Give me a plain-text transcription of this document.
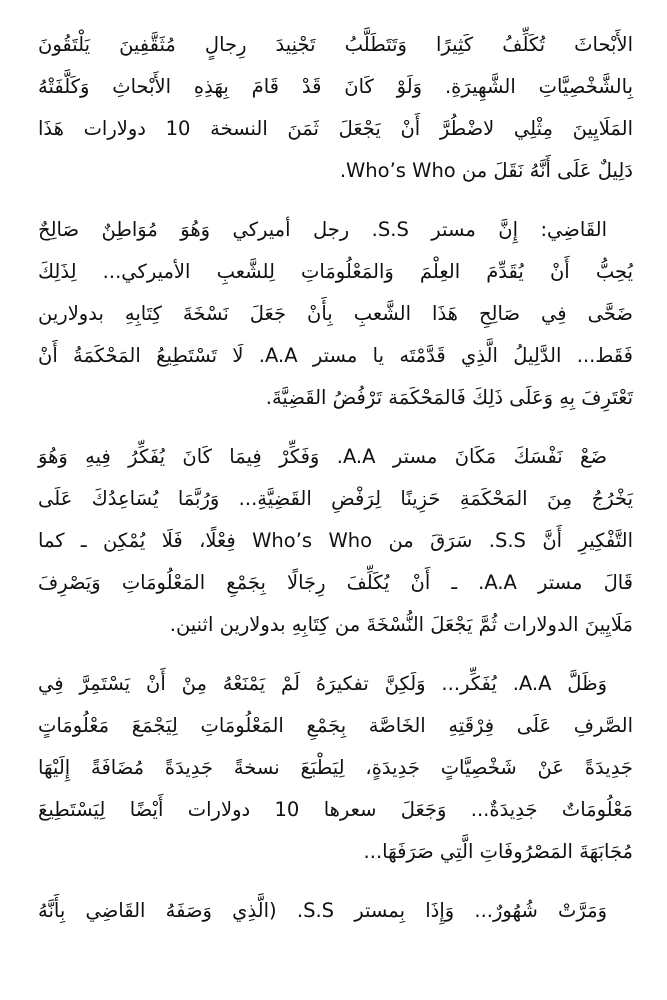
الأَبْحاثَ تُكَلِّفُ كَثِيرًا وَتَتَطَلَّبُ تَجْنِيدَ رِجالٍ مُثَقَّفِينَ يَلْتَقُونَ
بِالشَّخْصِيَّاتِ الشَّهِيرَةِ. وَلَوْ كَانَ قَدْ قَامَ بِهَذِهِ الأَبْحاثِ وَكَلَّفَتْهُ
المَلَايِينَ مِثْلِي لاضْطُرَّ أَنْ يَجْعَلَ ثَمَنَ النسخة 10 دولارات هَذَا
دَلِيلٌ عَلَى أَنَّهُ نَقَلَ من Who’s Who.
القَاضِي: إِنَّ مستر S.S. رجل أميركي وَهُوَ مُوَاطِنٌ صَالِحٌ
يُحِبُّ أَنْ يُقَدِّمَ العِلْمَ وَالمَعْلُومَاتِ لِلشَّعبِ الأميركي... لِذَلِكَ
ضَحَّى فِي صَالِحِ هَذَا الشَّعبِ بِأَنْ جَعَلَ نَسْخَةَ كِتَابِهِ بدولارين
فَقَط... الدَّلِيلُ الَّذِي قَدَّمْتَه يا مستر A.A. لَا تَسْتَطِيعُ المَحْكَمَةُ أَنْ
تَعْتَرِفَ بِهِ وَعَلَى ذَلِكَ فَالمَحْكَمَة تَرْفُضُ القَضِيَّةَ.
ضَعْ نَفْسَكَ مَكَانَ مستر A.A. وَفَكِّرْ فِيمَا كَانَ يُفَكِّرُ فِيهِ وَهُوَ
يَخْرُجُ مِنَ المَحْكَمَةِ حَزِينًا لِرَفْضِ القَضِيَّةِ... وَرُبَّمَا يُسَاعِدُكَ عَلَى
التَّفْكِيرِ أَنَّ S.S. سَرَقَ من Who’s Who فِعْلًا، فَلَا يُمْكِن ـ كما
قَالَ مستر A.A. ـ أَنْ يُكَلِّفَ رِجَالًا بِجَمْعِ المَعْلُومَاتِ وَيَصْرِفَ
مَلَايِينَ الدولارات ثُمَّ يَجْعَلَ النُّسْخَةَ من كِتَابِهِ بدولارين اثنين.
وَظَلَّ A.A. يُفَكِّر... وَلَكِنَّ تفكيرَهُ لَمْ يَمْنَعْهُ مِنْ أَنْ يَسْتَمِرَّ فِي
الصَّرفِ عَلَى فِرْقَتِهِ الخَاصَّة بِجَمْعِ المَعْلُومَاتِ لِيَجْمَعَ مَعْلُومَاتٍ
جَدِيدَةً عَنْ شَخْصِيَّاتٍ جَدِيدَةٍ، لِيَطْبَعَ نسخةً جَدِيدَةً مُضَافَةً إِلَيْهَا
مَعْلُومَاتٌ جَدِيدَةٌ... وَجَعَلَ سعرها 10 دولارات أَيْضًا لِيَسْتَطِيعَ
مُجَابَهَةَ المَصْرُوفَاتِ الَّتِي صَرَفَهَا...
وَمَرَّتْ شُهُورٌ... وَإِذَا بِمستر S.S. (الَّذِي وَصَفَهُ القَاضِي بِأَنَّهُ
